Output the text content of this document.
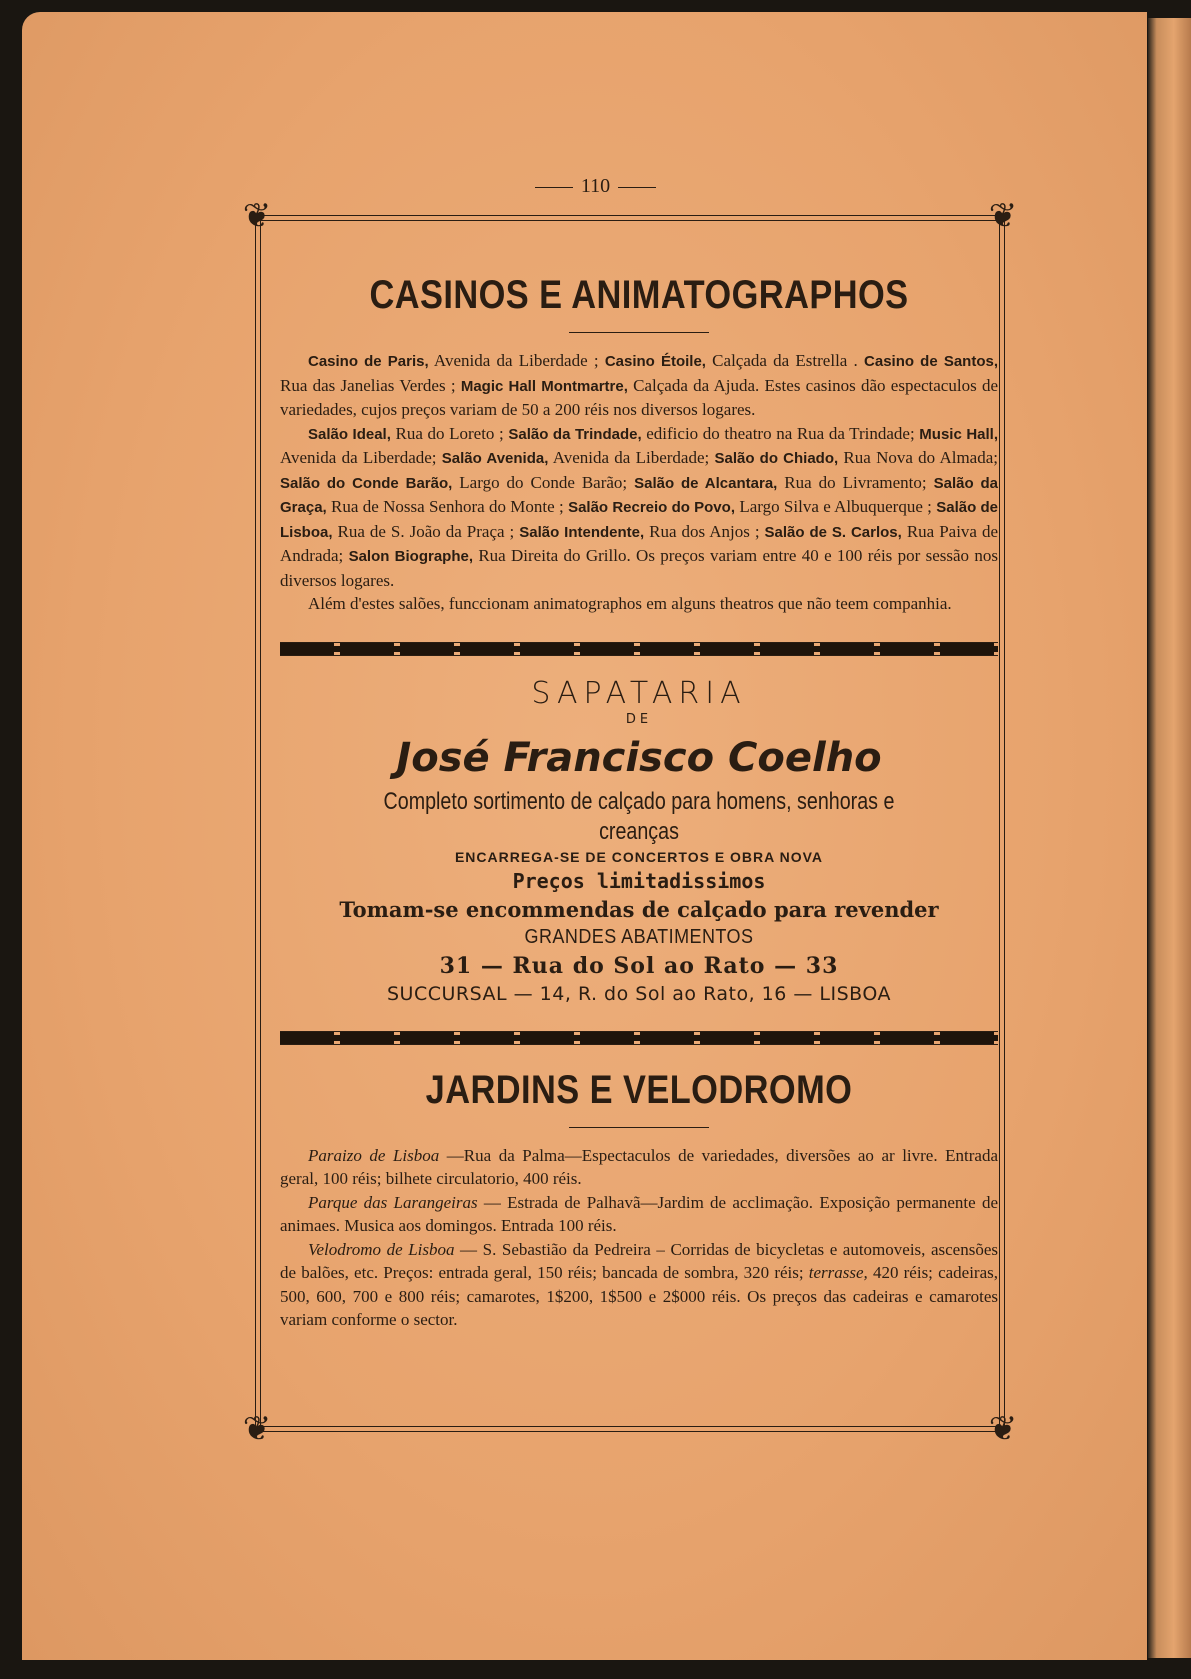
110
❦	❦
❦	❦
CASINOS E ANIMATOGRAPHOS

Casino de Paris, Avenida da Liberdade ; Casino Étoile, Calçada da Estrella . Casino de Santos, Rua das Janelias Verdes ; Magic Hall Montmartre, Calçada da Ajuda. Estes casinos dão espectaculos de variedades, cujos preços variam de 50 a 200 réis nos diversos logares.

Salão Ideal, Rua do Loreto ; Salão da Trindade, edificio do theatro na Rua da Trindade; Music Hall, Avenida da Liberdade; Salão Avenida, Avenida da Liberdade; Salão do Chiado, Rua Nova do Almada; Salão do Conde Barão, Largo do Conde Barão; Salão de Alcantara, Rua do Livramento; Salão da Graça, Rua de Nossa Senhora do Monte ; Salão Recreio do Povo, Largo Silva e Albuquerque ; Salão de Lisboa, Rua de S. João da Praça ; Salão Intendente, Rua dos Anjos ; Salão de S. Carlos, Rua Paiva de Andrada; Salon Biographe, Rua Direita do Grillo. Os preços variam entre 40 e 100 réis por sessão nos diversos logares.

Além d'estes salões, funccionam animatographos em alguns theatros que não teem companhia.

SAPATARIA

DE

José Francisco Coelho

Completo sortimento de calçado para homens, senhoras e creanças

ENCARREGA-SE DE CONCERTOS E OBRA NOVA

Preços limitadissimos

Tomam-se encommendas de calçado para revender

GRANDES ABATIMENTOS

31 — Rua do Sol ao Rato — 33

SUCCURSAL — 14, R. do Sol ao Rato, 16 — LISBOA

JARDINS E VELODROMO

Paraizo de Lisboa —Rua da Palma—Espectaculos de variedades, diversões ao ar livre. Entrada geral, 100 réis; bilhete circulatorio, 400 réis.

Parque das Larangeiras — Estrada de Palhavã—Jardim de acclimação. Exposição permanente de animaes. Musica aos domingos. Entrada 100 réis.

Velodromo de Lisboa — S. Sebastião da Pedreira – Corridas de bicycletas e automoveis, ascensões de balões, etc. Preços: entrada geral, 150 réis; bancada de sombra, 320 réis; terrasse, 420 réis; cadeiras, 500, 600, 700 e 800 réis; camarotes, 1$200, 1$500 e 2$000 réis. Os preços das cadeiras e camarotes variam conforme o sector.
